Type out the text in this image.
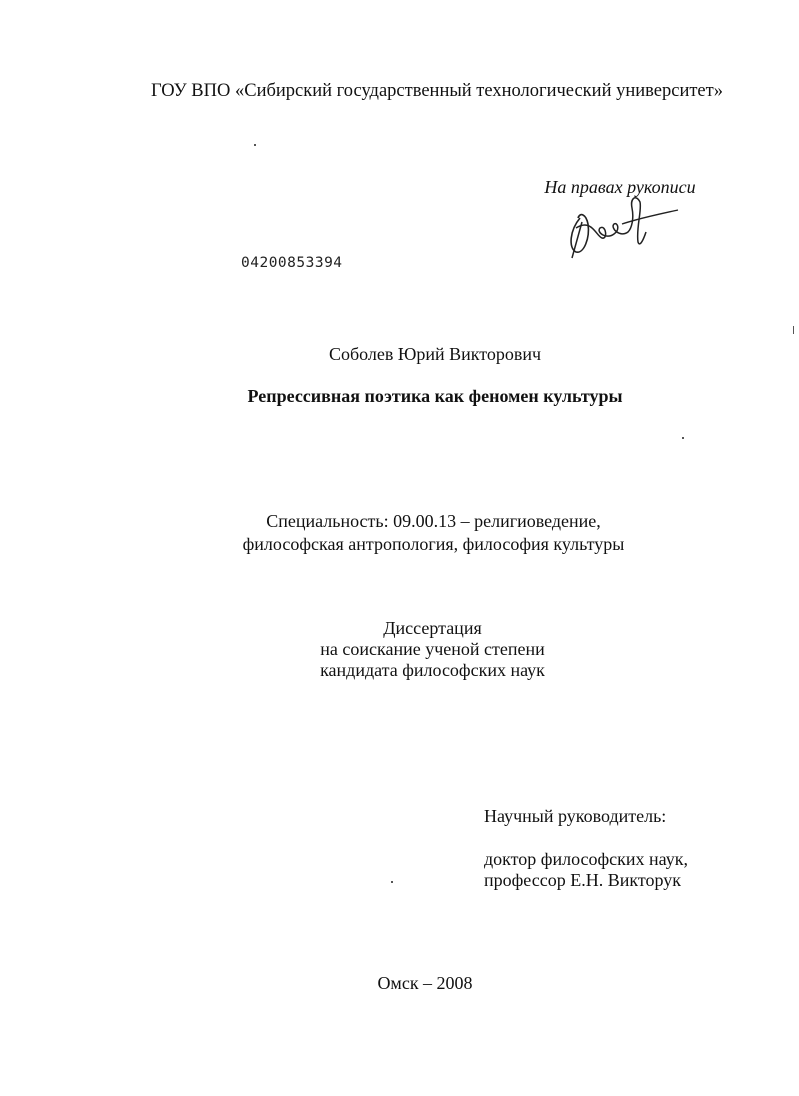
ГОУ ВПО «Сибирский государственный технологический университет»
На правах рукописи
04200853394
Соболев Юрий Викторович
Репрессивная поэтика как феномен культуры
Специальность: 09.00.13 – религиоведение,
философская антропология, философия культуры
Диссертация
на соискание ученой степени
кандидата философских наук
Научный руководитель:
доктор философских наук,
профессор Е.Н. Викторук
Омск – 2008
